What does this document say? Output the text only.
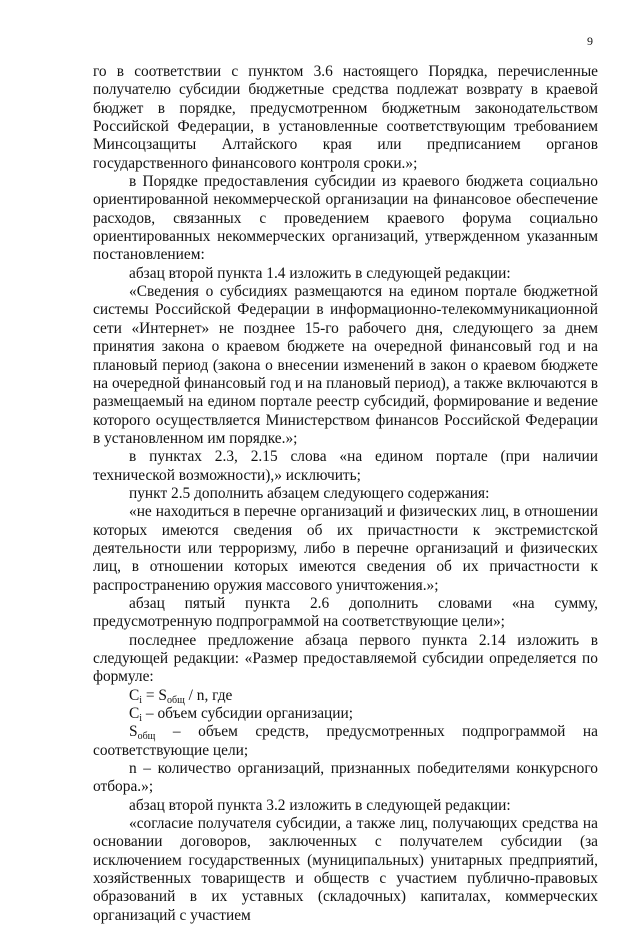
9

го в соответствии с пунктом 3.6 настоящего Порядка, перечисленные получателю субсидии бюджетные средства подлежат возврату в краевой бюджет в порядке, предусмотренном бюджетным законодательством Российской Федерации, в установленные соответствующим требованием Минсоцзащиты Алтайского края или предписанием органов государственного финансового контроля сроки.»;

в Порядке предоставления субсидии из краевого бюджета социально ориентированной некоммерческой организации на финансовое обеспечение расходов, связанных с проведением краевого форума социально ориентированных некоммерческих организаций, утвержденном указанным постановлением:

абзац второй пункта 1.4 изложить в следующей редакции:

«Сведения о субсидиях размещаются на едином портале бюджетной системы Российской Федерации в информационно-телекоммуникационной сети «Интернет» не позднее 15-го рабочего дня, следующего за днем принятия закона о краевом бюджете на очередной финансовый год и на плановый период (закона о внесении изменений в закон о краевом бюджете на очередной финансовый год и на плановый период), а также включаются в размещаемый на едином портале реестр субсидий, формирование и ведение которого осуществляется Министерством финансов Российской Федерации в установленном им порядке.»;

в пунктах 2.3, 2.15 слова «на едином портале (при наличии технической возможности),» исключить;

пункт 2.5 дополнить абзацем следующего содержания:

«не находиться в перечне организаций и физических лиц, в отношении которых имеются сведения об их причастности к экстремистской деятельности или терроризму, либо в перечне организаций и физических лиц, в отношении которых имеются сведения об их причастности к распространению оружия массового уничтожения.»;

абзац пятый пункта 2.6 дополнить словами «на сумму, предусмотренную подпрограммой на соответствующие цели»;

последнее предложение абзаца первого пункта 2.14 изложить в следующей редакции: «Размер предоставляемой субсидии определяется по формуле:

$C_i = S_{общ} / n$, где

$C_i$ – объем субсидии организации;

$S_{общ}$ – объем средств, предусмотренных подпрограммой на соответствующие цели;

n – количество организаций, признанных победителями конкурсного отбора.»;

абзац второй пункта 3.2 изложить в следующей редакции:

«согласие получателя субсидии, а также лиц, получающих средства на основании договоров, заключенных с получателем субсидии (за исключением государственных (муниципальных) унитарных предприятий, хозяйственных товариществ и обществ с участием публично-правовых образований в их уставных (складочных) капиталах, коммерческих организаций с участием
